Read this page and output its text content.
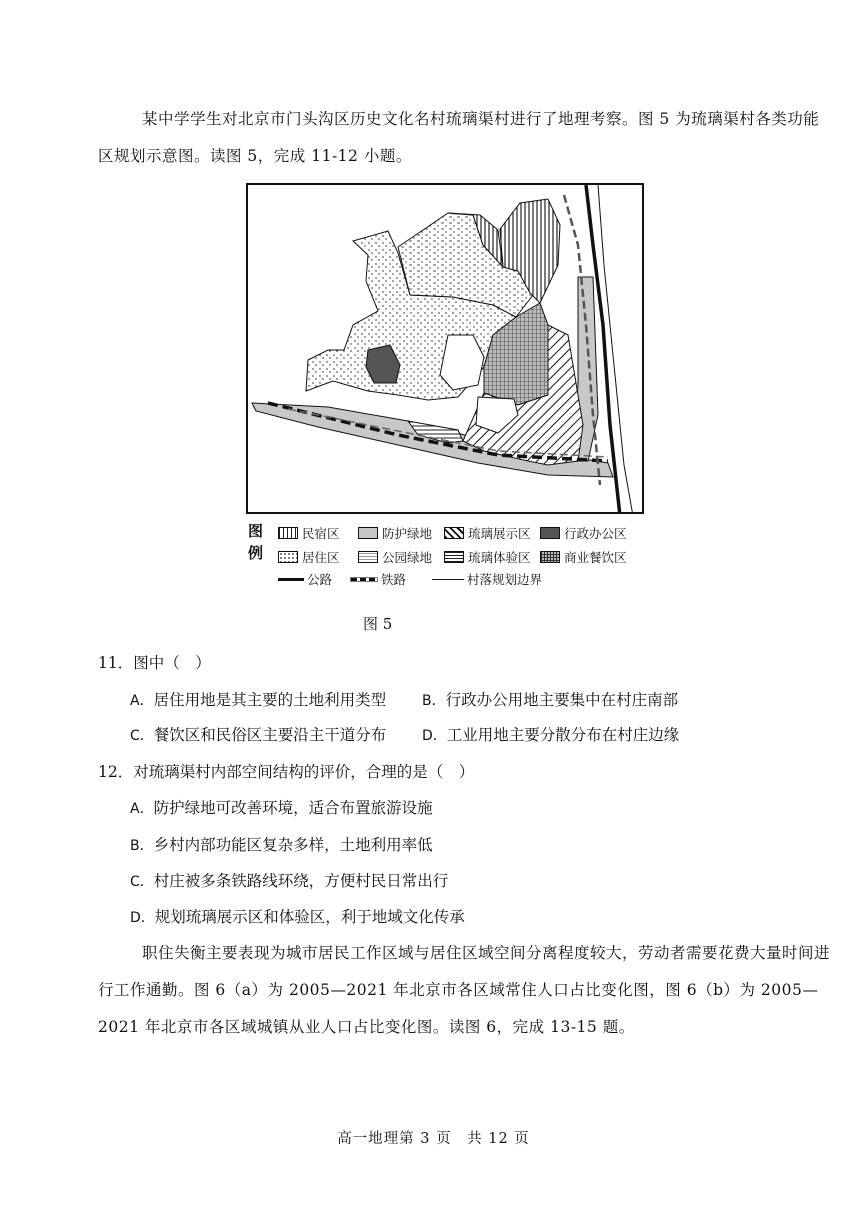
某中学学生对北京市门头沟区历史文化名村琉璃渠村进行了地理考察。图 5 为琉璃渠村各类功能区规划示意图。读图 5，完成 11-12 小题。
图
例
民宿区	防护绿地	琉璃展示区	行政办公区
居住区	公园绿地	琉璃体验区	商业餐饮区
公路	铁路	村落规划边界
图 5
11．图中（　）
A．居住用地是其主要的土地利用类型	B．行政办公用地主要集中在村庄南部
C．餐饮区和民俗区主要沿主干道分布	D．工业用地主要分散分布在村庄边缘
12．对琉璃渠村内部空间结构的评价，合理的是（　）
A．防护绿地可改善环境，适合布置旅游设施
B．乡村内部功能区复杂多样，土地利用率低
C．村庄被多条铁路线环绕，方便村民日常出行
D．规划琉璃展示区和体验区，利于地域文化传承
职住失衡主要表现为城市居民工作区域与居住区域空间分离程度较大，劳动者需要花费大量时间进行工作通勤。图 6（a）为 2005—2021 年北京市各区域常住人口占比变化图，图 6（b）为 2005—2021 年北京市各区域城镇从业人口占比变化图。读图 6，完成 13-15 题。
高一地理第 3 页　共 12 页
